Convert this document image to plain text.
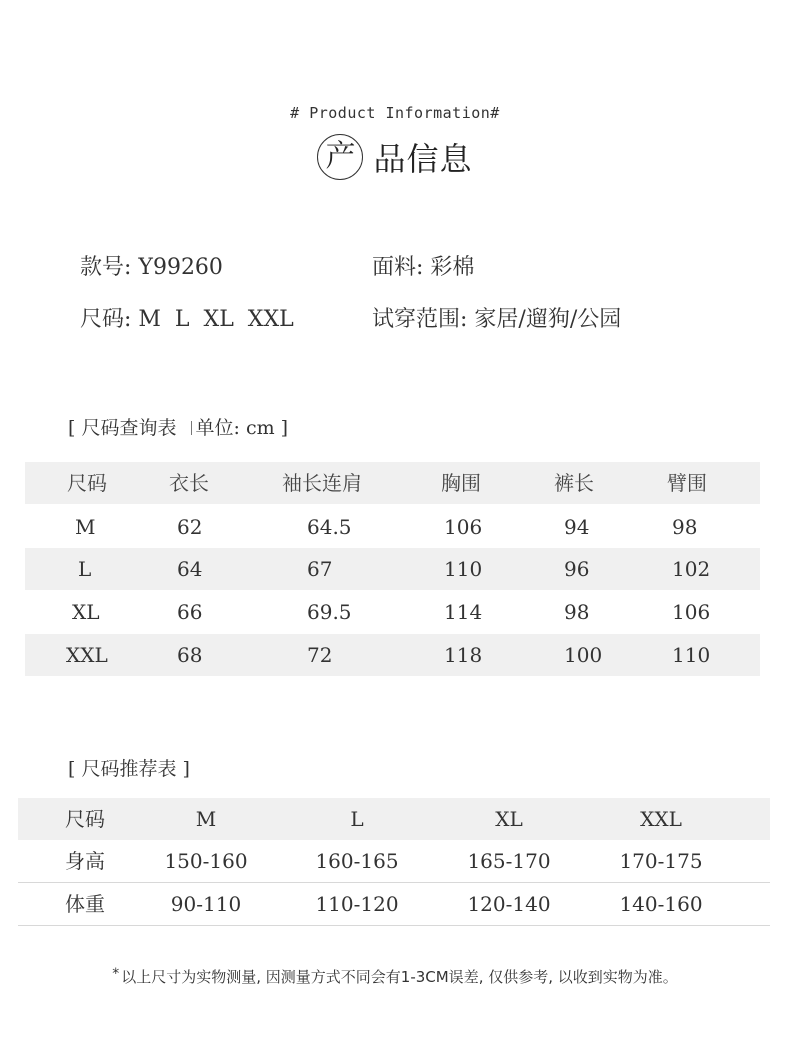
# Product Information#
产 品信息
款号: Y99260	面料: 彩棉
尺码: M  L  XL  XXL	试穿范围: 家居/遛狗/公园
[ 尺码查询表 单位: cm ]
尺码	衣长	袖长连肩	胸围	裤长	臂围
M	62	64.5	106	94	98
L	64	67	110	96	102
XL	66	69.5	114	98	106
XXL	68	72	118	100	110
[ 尺码推荐表 ]
尺码	M	L	XL	XXL
身高	150-160	160-165	165-170	170-175
体重	90-110	110-120	120-140	140-160
* 以上尺寸为实物测量, 因测量方式不同会有1-3CM误差, 仅供参考, 以收到实物为准。
